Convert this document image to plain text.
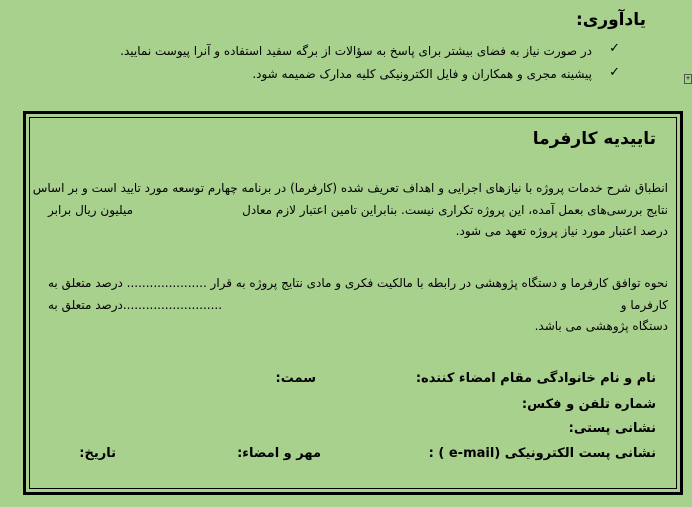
یادآوری:
✓
در صورت نیاز به فضای بیشتر برای پاسخ به سؤالات از برگه سفید استفاده و آنرا پیوست نمایید.
✓
پیشینه مجری و همکاران و فایل الکترونیکی کلیه مدارک ضمیمه شود.	+
تاییدیه کارفرما
انطباق شرح خدمات پروژه با نیازهای اجرایی و اهداف تعریف شده (کارفرما) در برنامه چهارم توسعه مورد تایید است و بر اساس
نتایج بررسی‌های بعمل آمده، این پروژه تکراری نیست. بنابراین تامین اعتبار لازم معادل
میلیون ریال برابر
درصد اعتبار مورد نیاز پروژه تعهد می شود.
نحوه توافق کارفرما و دستگاه پژوهشی در رابطه با مالکیت فکری و مادی نتایج پروژه به قرار
..................... درصد متعلق به
کارفرما و
..........................درصد متعلق به
دستگاه پژوهشی می باشد.
نام و نام خانوادگی مقام امضاء کننده:
سمت:
شماره تلفن و فکس:
نشانی پستی:
نشانی پست الکترونیکی (e-mail ) :
مهر و امضاء:
تاریخ:
